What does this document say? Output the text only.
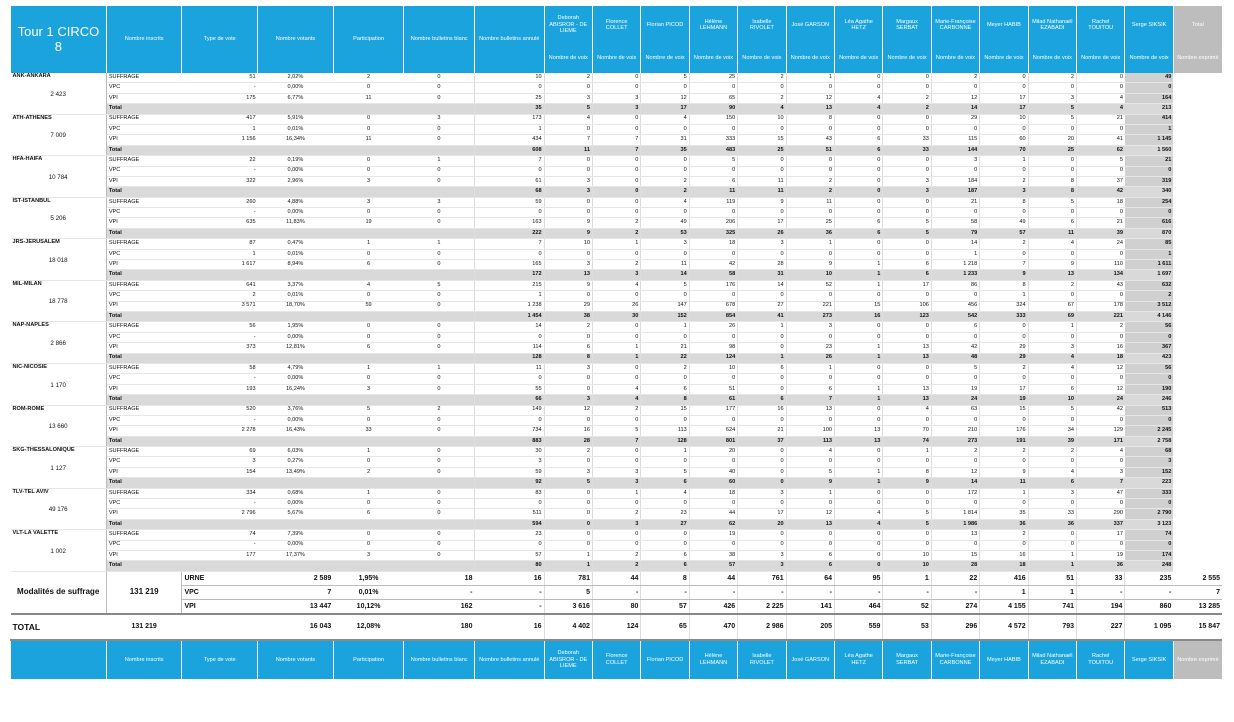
Tour 1 CIRCO 8	Nombre inscrits	Type de vote	Nombre votants	Participation	Nombre bulletins blanc	Nombre bulletins annulé	Deborah ABISROR - DE LIEME	Florence COLLET	Florian PICOD	Hélène LEHMANN	Isabelle RIVOLET	José GARSON	Léa Agathe HETZ	Margaux SERBAT	Marie-Françoise CARBONNE	Meyer HABIB	Milad Nathanaël EZABADI	Rachel TOUITOU	Serge SIKSIK	Total
							Nombre de voix	Nombre de voix	Nombre de voix	Nombre de voix	Nombre de voix	Nombre de voix	Nombre de voix	Nombre de voix	Nombre de voix	Nombre de voix	Nombre de voix	Nombre de voix	Nombre de voix	Nombre exprimé
ANK-ANKARA
2 423	SUFFRAGE	51	2,02%	2	0	10	2	0	5	25	2	1	0	0	2	0	2	0	49	
	VPC	-	0,00%	0	0	0	0	0	0	0	0	0	0	0	0	0	0	0	0	
	VPI	175	6,77%	11	0	25	3	3	12	65	2	12	4	2	12	17	3	4	164	
	Total					35	5	3	17	90	4	13	4	2	14	17	5	4	213	
ATH-ATHENES
7 009	SUFFRAGE	417	5,91%	0	3	173	4	0	4	150	10	8	0	0	29	10	5	21	414	
	VPC	1	0,01%	0	0	1	0	0	0	0	0	0	0	0	0	0	0	0	1	
	VPI	1 156	16,34%	11	0	434	7	7	31	333	15	43	6	33	115	60	20	41	1 145	
	Total					608	11	7	35	483	25	51	6	33	144	70	25	62	1 560	
HFA-HAIFA
10 784	SUFFRAGE	22	0,19%	0	1	7	0	0	0	5	0	0	0	0	3	1	0	5	21	
	VPC	-	0,00%	0	0	0	0	0	0	0	0	0	0	0	0	0	0	0	0	
	VPI	322	2,96%	3	0	61	3	0	2	6	11	2	0	3	184	2	8	37	319	
	Total					68	3	0	2	11	11	2	0	3	187	3	8	42	340	
IST-ISTANBUL
5 206	SUFFRAGE	260	4,88%	3	3	59	0	0	4	119	9	11	0	0	21	8	5	18	254	
	VPC	-	0,00%	0	0	0	0	0	0	0	0	0	0	0	0	0	0	0	0	
	VPI	635	11,83%	19	0	163	9	2	49	206	17	25	6	5	58	49	6	21	616	
	Total					222	9	2	53	325	26	36	6	5	79	57	11	39	870	
JRS-JERUSALEM
18 018	SUFFRAGE	87	0,47%	1	1	7	10	1	3	18	3	1	0	0	14	2	4	24	85	
	VPC	1	0,01%	0	0	0	0	0	0	0	0	0	0	0	1	0	0	0	1	
	VPI	1 617	8,94%	6	0	165	3	2	11	42	28	9	1	6	1 218	7	9	110	1 611	
	Total					172	13	3	14	58	31	10	1	6	1 233	9	13	134	1 697	
MIL-MILAN
18 778	SUFFRAGE	641	3,37%	4	5	215	9	4	5	176	14	52	1	17	86	8	2	43	632	
	VPC	2	0,01%	0	0	1	0	0	0	0	0	0	0	0	0	1	0	0	2	
	VPI	3 571	18,70%	59	0	1 238	29	26	147	678	27	221	15	106	456	324	67	178	3 512	
	Total					1 454	38	30	152	854	41	273	16	123	542	333	69	221	4 146	
NAP-NAPLES
2 866	SUFFRAGE	56	1,95%	0	0	14	2	0	1	26	1	3	0	0	6	0	1	2	56	
	VPC	-	0,00%	0	0	0	0	0	0	0	0	0	0	0	0	0	0	0	0	
	VPI	373	12,81%	6	0	114	6	1	21	98	0	23	1	13	42	29	3	16	367	
	Total					128	8	1	22	124	1	26	1	13	48	29	4	18	423	
NIC-NICOSIE
1 170	SUFFRAGE	58	4,79%	1	1	11	3	0	2	10	6	1	0	0	5	2	4	12	56	
	VPC	-	0,00%	0	0	0	0	0	0	0	0	0	0	0	0	0	0	0	0	
	VPI	193	16,24%	3	0	55	0	4	6	51	0	6	1	13	19	17	6	12	190	
	Total					66	3	4	8	61	6	7	1	13	24	19	10	24	246	
ROM-ROME
13 660	SUFFRAGE	520	3,76%	5	2	149	12	2	15	177	16	13	0	4	63	15	5	42	513	
	VPC	-	0,00%	0	0	0	0	0	0	0	0	0	0	0	0	0	0	0	0	
	VPI	2 278	16,43%	33	0	734	16	5	113	624	21	100	13	70	210	176	34	129	2 245	
	Total					883	28	7	128	801	37	113	13	74	273	191	39	171	2 758	
SKG-THESSALONIQUE
1 127	SUFFRAGE	69	6,03%	1	0	30	2	0	1	20	0	4	0	1	2	2	2	4	68	
	VPC	3	0,27%	0	0	3	0	0	0	0	0	0	0	0	0	0	0	0	3	
	VPI	154	13,49%	2	0	59	3	3	5	40	0	5	1	8	12	9	4	3	152	
	Total					92	5	3	6	60	0	9	1	9	14	11	6	7	223	
TLV-TEL AVIV
49 176	SUFFRAGE	334	0,68%	1	0	83	0	1	4	18	3	1	0	0	172	1	3	47	333	
	VPC	-	0,00%	0	0	0	0	0	0	0	0	0	0	0	0	0	0	0	0	
	VPI	2 796	5,67%	6	0	511	0	2	23	44	17	12	4	5	1 814	35	33	290	2 790	
	Total					594	0	3	27	62	20	13	4	5	1 986	36	36	337	3 123	
VLT-LA VALETTE
1 002	SUFFRAGE	74	7,39%	0	0	23	0	0	0	19	0	0	0	0	13	2	0	17	74	
	VPC	-	0,00%	0	0	0	0	0	0	0	0	0	0	0	0	0	0	0	0	
	VPI	177	17,37%	3	0	57	1	2	6	38	3	6	0	10	15	16	1	19	174	
	Total					80	1	2	6	57	3	6	0	10	28	18	1	36	248	
Modalités de suffrage	131 219	URNE	2 589	1,95%	18	16	781	44	8	44	761	64	95	1	22	416	51	33	235	2 555
		VPC	7	0,01%	-	-	5	-	-	-	-	-	-	-	-	1	1	-	-	7
		VPI	13 447	10,12%	162	-	3 616	80	57	426	2 225	141	464	52	274	4 155	741	194	860	13 285
TOTAL	131 219		16 043	12,08%	180	16	4 402	124	65	470	2 986	205	559	53	296	4 572	793	227	1 095	15 847
	Nombre inscrits	Type de vote	Nombre votants	Participation	Nombre bulletins blanc	Nombre bulletins annulé	Deborah ABISROR - DE LIEME	Florence COLLET	Florian PICOD	Hélène LEHMANN	Isabelle RIVOLET	José GARSON	Léa Agathe HETZ	Margaux SERBAT	Marie-Françoise CARBONNE	Meyer HABIB	Milad Nathanaël EZABADI	Rachel TOUITOU	Serge SIKSIK	Nombre exprimé
